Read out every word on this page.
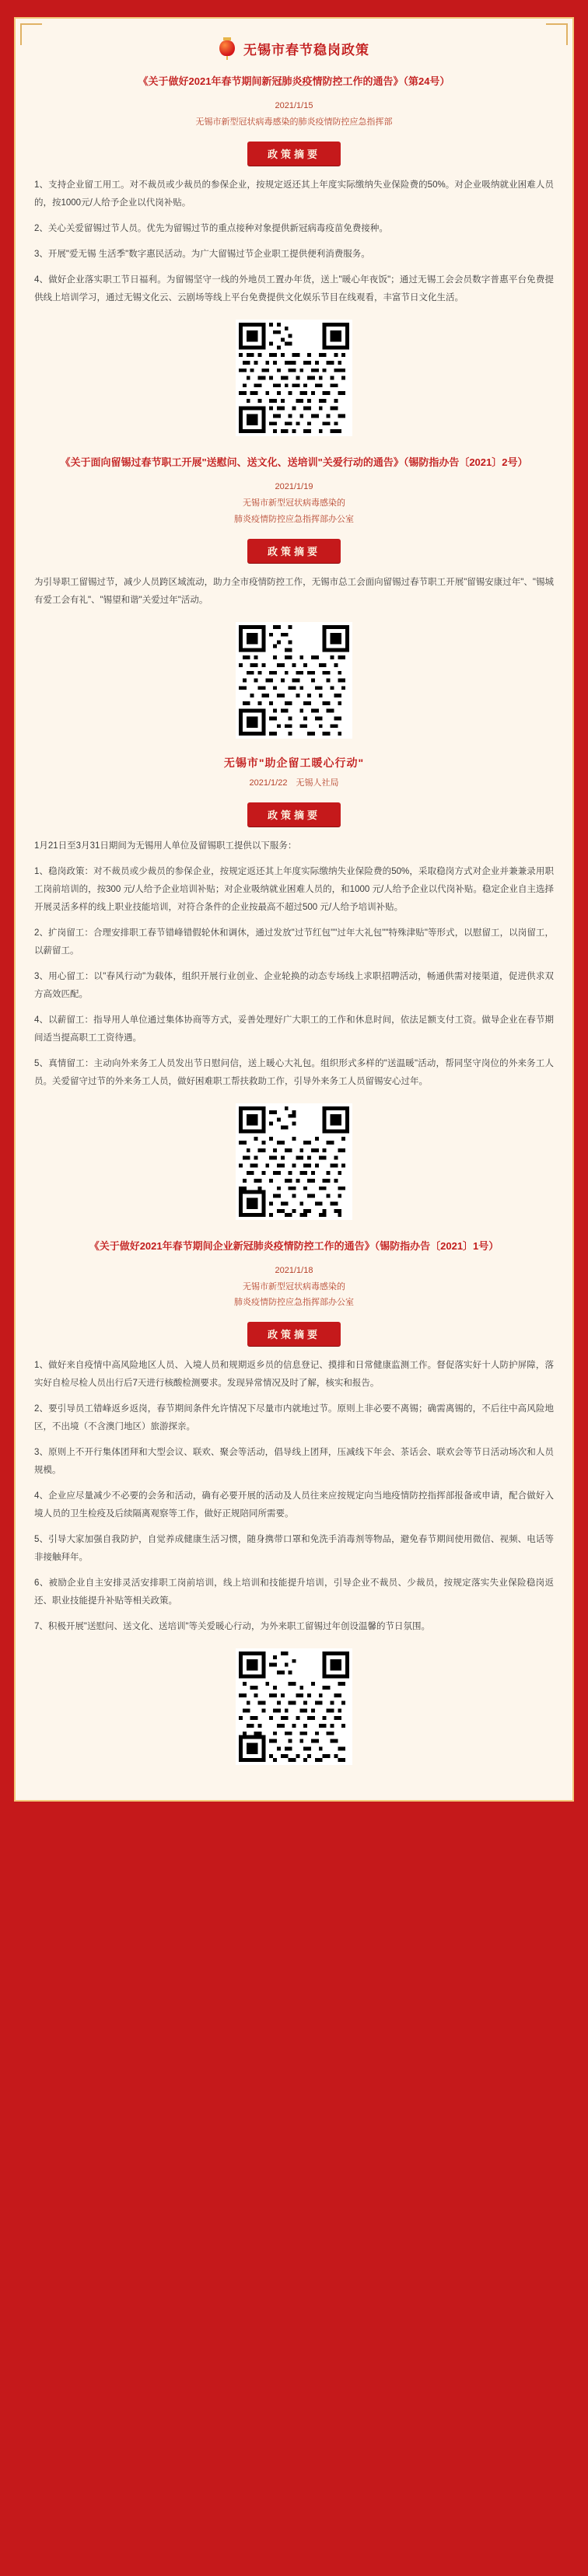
无锡市春节稳岗政策
《关于做好2021年春节期间新冠肺炎疫情防控工作的通告》（第24号）
2021/1/15
无锡市新型冠状病毒感染的肺炎疫情防控应急指挥部
政策摘要

1、支持企业留工用工。对不裁员或少裁员的参保企业，按规定返还其上年度实际缴纳失业保险费的50%。对企业吸纳就业困难人员的，按1000元/人给予企业以代岗补贴。

2、关心关爱留锡过节人员。优先为留锡过节的重点接种对象提供新冠病毒疫苗免费接种。

3、开展"爱无锡 生活季"数字惠民活动。为广大留锡过节企业职工提供便利消费服务。

4、做好企业落实职工节日福利。为留锡坚守一线的外地员工置办年货，送上"暖心年夜饭"；通过无锡工会会员数字普惠平台免费提供线上培训学习，通过无锡文化云、云剧场等线上平台免费提供文化娱乐节目在线观看，丰富节日文化生活。

《关于面向留锡过春节职工开展"送慰问、送文化、送培训"关爱行动的通告》（锡防指办告〔2021〕2号）
2021/1/19
无锡市新型冠状病毒感染的
肺炎疫情防控应急指挥部办公室
政策摘要

为引导职工留锡过节，减少人员跨区域流动，助力全市疫情防控工作，无锡市总工会面向留锡过春节职工开展"留锡安康过年"、"锡城有爱工会有礼"、"锡望和谐"关爱过年"活动。

无锡市"助企留工暖心行动"
2021/1/22　无锡人社局
政策摘要

1月21日至3月31日期间为无锡用人单位及留锡职工提供以下服务：

1、稳岗政策：对不裁员或少裁员的参保企业，按规定返还其上年度实际缴纳失业保险费的50%，采取稳岗方式对企业并兼兼录用职工岗前培训的，按300 元/人给予企业培训补贴；对企业吸纳就业困难人员的，和1000 元/人给予企业以代岗补贴。稳定企业自主选择开展灵活多样的线上职业技能培训，对符合条件的企业按最高不超过500 元/人给予培训补贴。

2、扩岗留工：合理安排职工春节错峰错假轮休和调休，通过发放"过节红包""过年大礼包""特殊津贴"等形式，以慰留工，以岗留工，以薪留工。

3、用心留工：以"春风行动"为载体，组织开展行业创业、企业轮换的动态专场线上求职招聘活动，畅通供需对接渠道，促进供求双方高效匹配。

4、以薪留工：指导用人单位通过集体协商等方式，妥善处理好广大职工的工作和休息时间，依法足额支付工资。做导企业在春节期间适当提高职工工资待遇。

5、真情留工：主动向外来务工人员发出节日慰问信，送上暖心大礼包。组织形式多样的"送温暖"活动，帮同坚守岗位的外来务工人员。关爱留守过节的外来务工人员，做好困难职工帮扶救助工作，引导外来务工人员留锡安心过年。

《关于做好2021年春节期间企业新冠肺炎疫情防控工作的通告》（锡防指办告〔2021〕1号）
2021/1/18
无锡市新型冠状病毒感染的
肺炎疫情防控应急指挥部办公室
政策摘要

1、做好来自疫情中高风险地区人员、入境人员和规期返乡员的信息登记、摸排和日常健康监测工作。督促落实好十人防护屏障，落实好自检尽检人员出行后7天进行核酸检测要求。发现异常情况及时了解，核实和报告。

2、要引导员工错峰返乡返岗，春节期间条件允许情况下尽量市内就地过节。原则上非必要不离锡；确需离锡的，不后往中高风险地区，不出境（不含澳门地区）旅游探亲。

3、原则上不开行集体团拜和大型会议、联欢、聚会等活动，倡导线上团拜，压减线下年会、茶话会、联欢会等节日活动场次和人员规模。

4、企业应尽量减少不必要的会务和活动，确有必要开展的活动及人员往来应按规定向当地疫情防控指挥部报备或申请，配合做好入境人员的卫生检疫及后续隔离观察等工作，做好正规陪同所需要。

5、引导大家加强自我防护，自觉养成健康生活习惯，随身携带口罩和免洗手消毒剂等物品，避免春节期间使用微信、视频、电话等非接触拜年。

6、被励企业自主安排灵活安排职工岗前培训，线上培训和技能提升培训，引导企业不裁员、少裁员，按规定落实失业保险稳岗返还、职业技能提升补贴等相关政策。

7、积极开展"送慰问、送文化、送培训"等关爱暖心行动，为外来职工留锡过年创设温馨的节日氛围。
